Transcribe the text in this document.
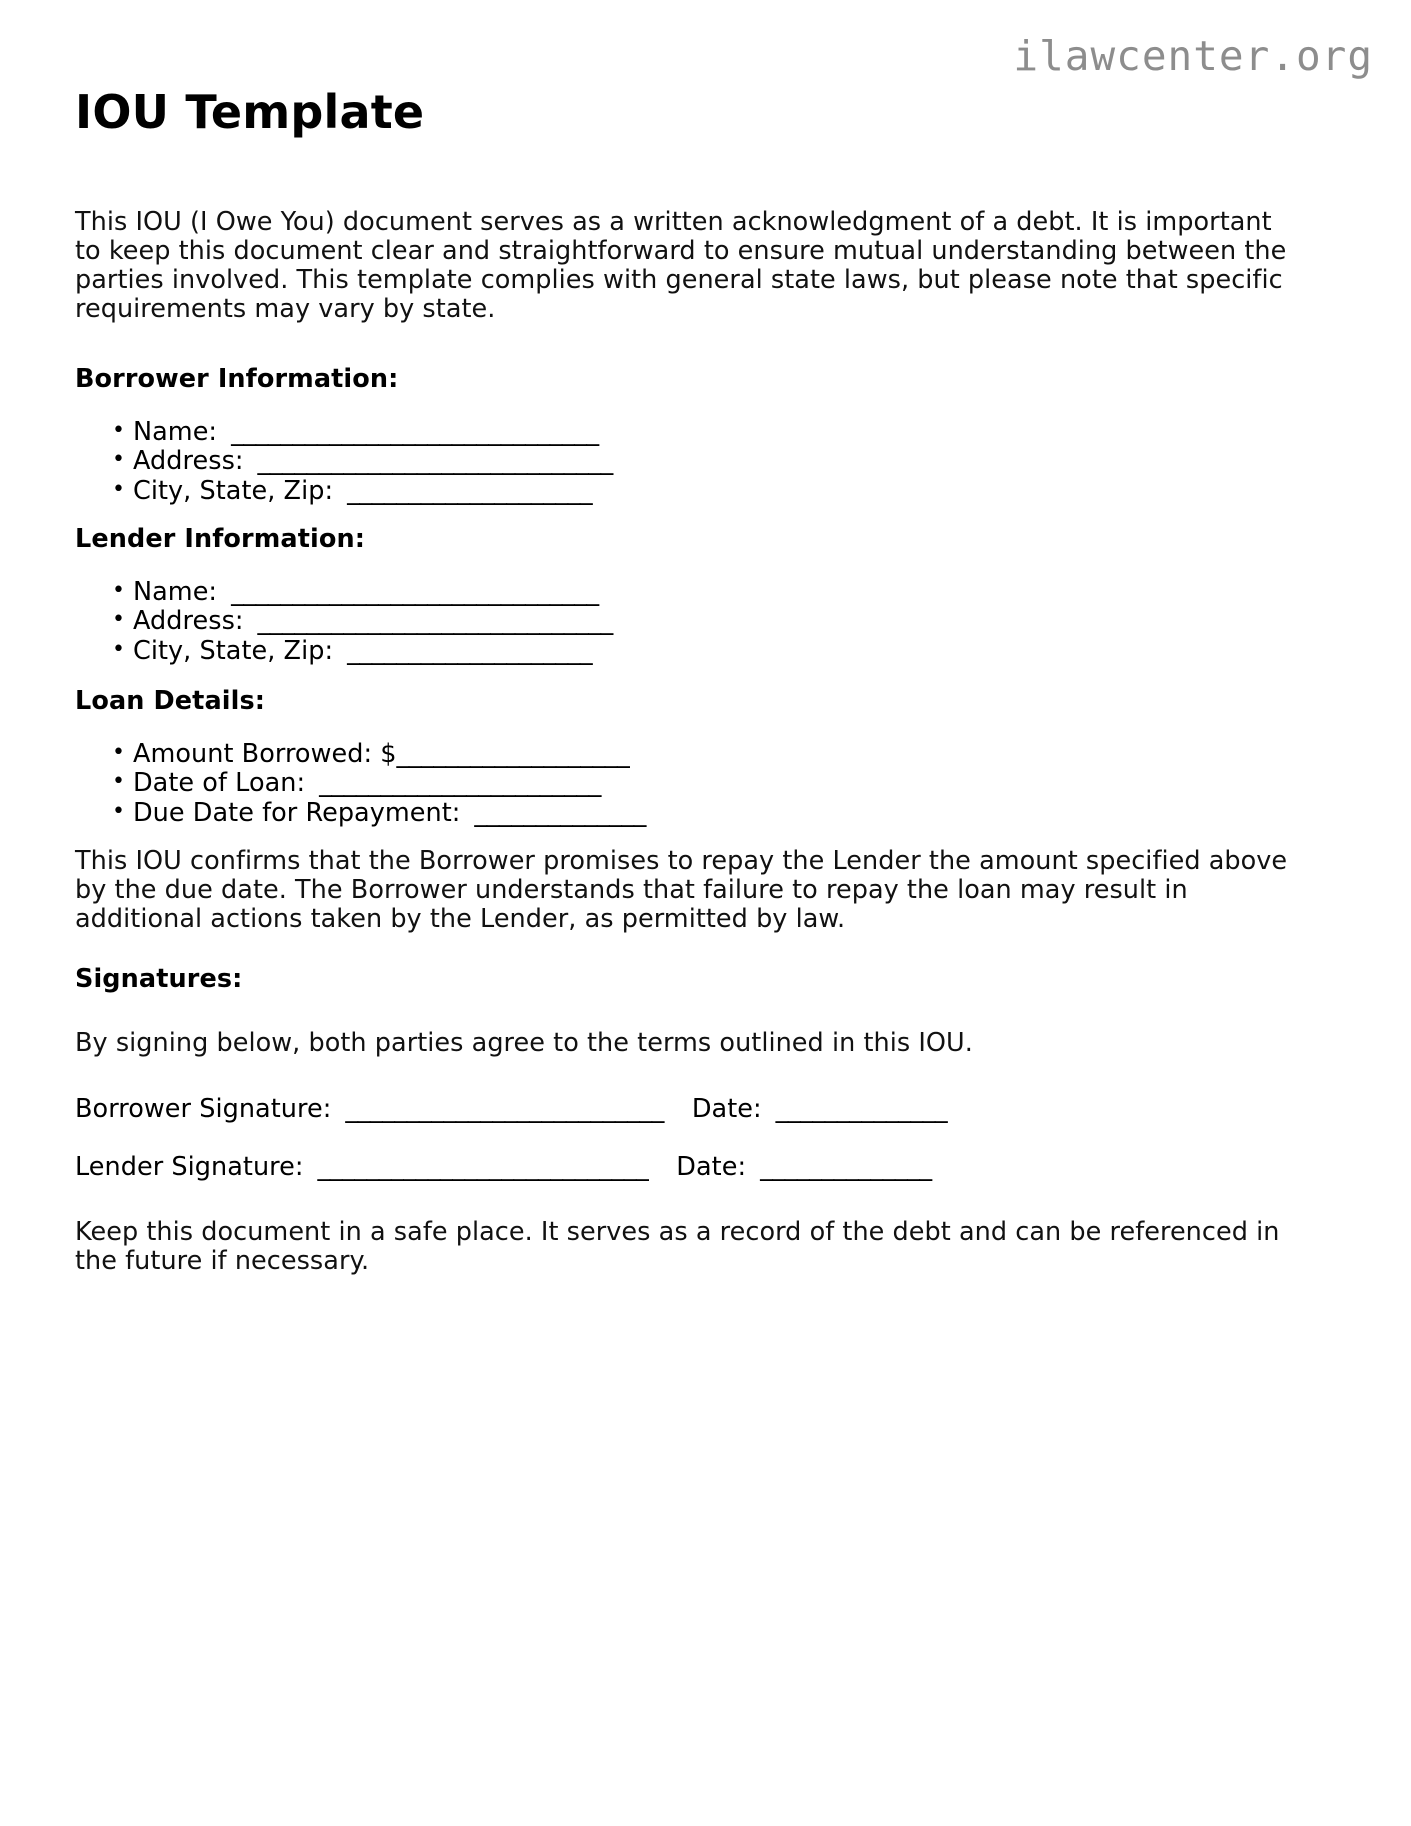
ilawcenter.org
IOU Template

This IOU (I Owe You) document serves as a written acknowledgment of a debt. It is important to keep this document clear and straightforward to ensure mutual understanding between the parties involved. This template complies with general state laws, but please note that specific requirements may vary by state.

Borrower Information:
• Name: ______________________________
• Address: _____________________________
• City, State, Zip: ____________________
Lender Information:
• Name: ______________________________
• Address: _____________________________
• City, State, Zip: ____________________
Loan Details:
• Amount Borrowed: $___________________
• Date of Loan: _______________________
• Due Date for Repayment: ______________

This IOU confirms that the Borrower promises to repay the Lender the amount specified above by the due date. The Borrower understands that failure to repay the loan may result in additional actions taken by the Lender, as permitted by law.

Signatures:

By signing below, both parties agree to the terms outlined in this IOU.

Borrower Signature: __________________________ Date: ______________
Lender Signature: ___________________________ Date: ______________

Keep this document in a safe place. It serves as a record of the debt and can be referenced in the future if necessary.
